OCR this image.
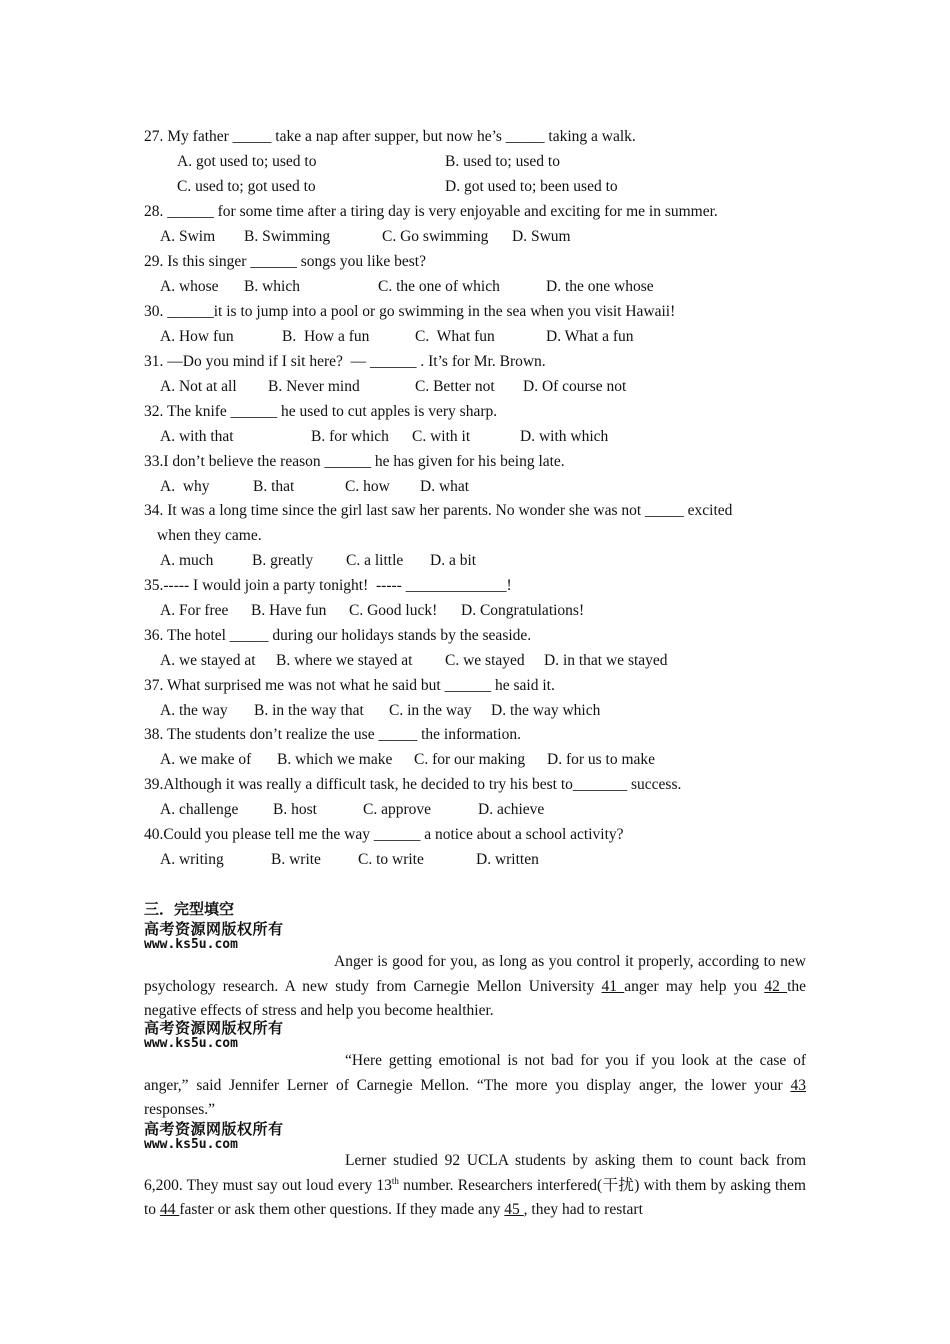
27. My father _____ take a nap after supper, but now he’s _____ taking a walk.
A. got used to; used to	B. used to; used to
C. used to; got used to	D. got used to; been used to
28. ______ for some time after a tiring day is very enjoyable and exciting for me in summer.
A. Swim B. Swimming	C. Go swimming D. Swum
29. Is this singer ______ songs you like best?
A. whose B. which	C. the one of which	D. the one whose
30. ______it is to jump into a pool or go swimming in the sea when you visit Hawaii!
A. How fun	B.  How a fun	C.  What fun	D. What a fun
31. —Do you mind if I sit here?  — ______ . It’s for Mr. Brown.
A. Not at all B. Never mind	C. Better not D. Of course not
32. The knife ______ he used to cut apples is very sharp.
A. with that	B. for which C. with it	D. with which
33.I don’t believe the reason ______ he has given for his being late.
A.  why	B. that	C. how D. what
34. It was a long time since the girl last saw her parents. No wonder she was not _____ excited
when they came.
A. much B. greatly C. a little D. a bit
35.----- I would join a party tonight!  ----- _____________!
A. For free B. Have fun C. Good luck! D. Congratulations!
36. The hotel _____ during our holidays stands by the seaside.
A. we stayed at B. where we stayed at C. we stayed D. in that we stayed
37. What surprised me was not what he said but ______ he said it.
A. the way B. in the way that C. in the way D. the way which
38. The students don’t realize the use _____ the information.
A. we make of B. which we make C. for our making D. for us to make
39.Although it was really a difficult task, he decided to try his best to_______ success.
A. challenge B. host	C. approve	D. achieve
40.Could you please tell me the way ______ a notice about a school activity?
A. writing	B. write C. to write	D. written
三．完型填空
高考资源网版权所有
www.ks5u.com
Anger is good for you, as long as you control it properly, according to new psychology research. A new study from Carnegie Mellon University 41 anger may help you 42 the negative effects of stress and help you become healthier.
高考资源网版权所有
www.ks5u.com
“Here getting emotional is not bad for you if you look at the case of anger,” said Jennifer Lerner of Carnegie Mellon. “The more you display anger, the lower your 43 responses.”
高考资源网版权所有
www.ks5u.com
Lerner studied 92 UCLA students by asking them to count back from 6,200. They must say out loud every 13th number. Researchers interfered(干扰) with them by asking them to 44 faster or ask them other questions. If they made any 45 , they had to restart
